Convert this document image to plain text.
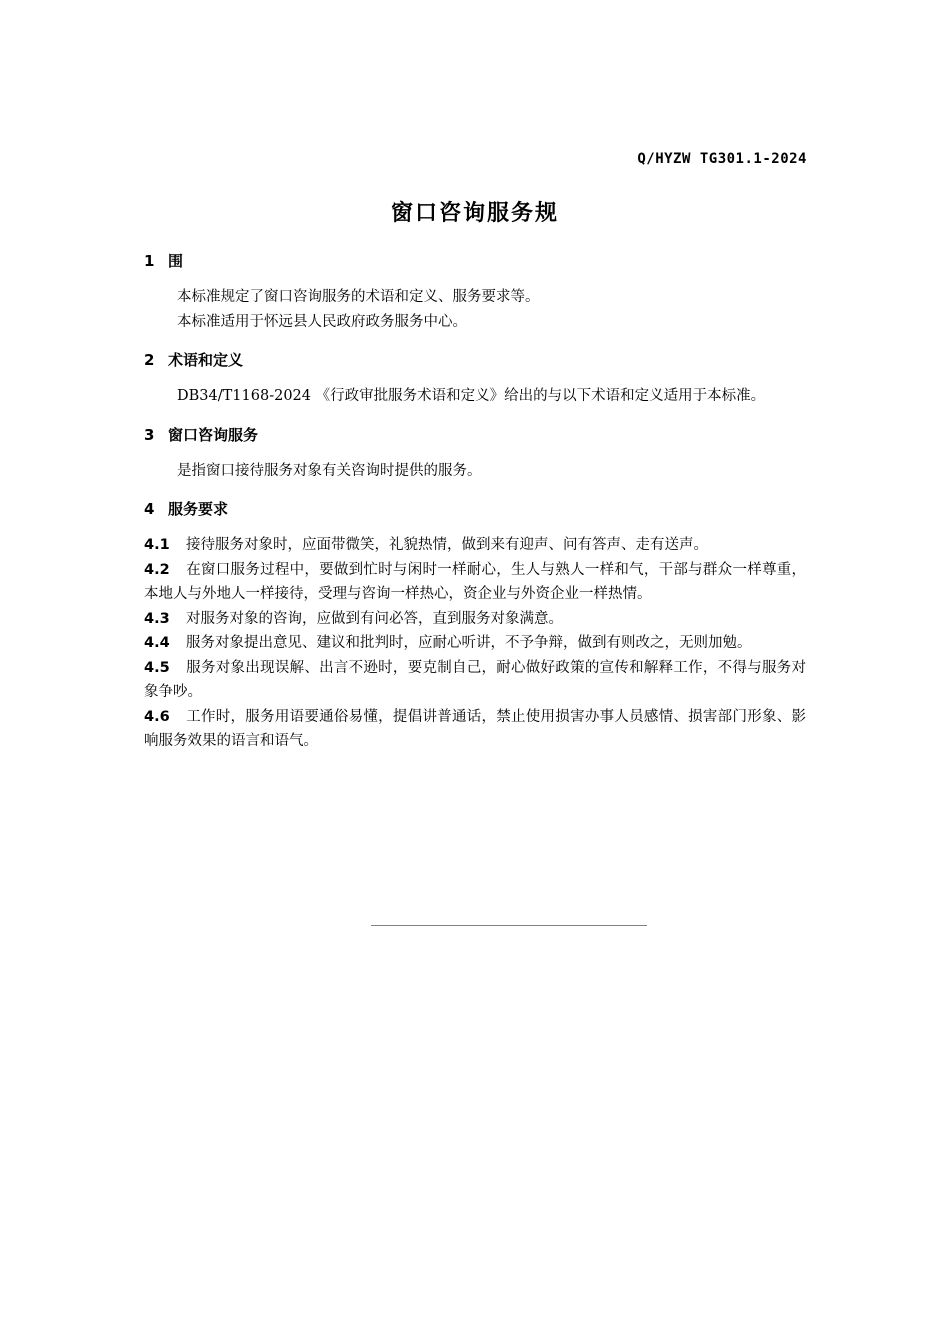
Q/HYZW TG301.1-2024
窗口咨询服务规

1 围

本标准规定了窗口咨询服务的术语和定义、服务要求等。

本标准适用于怀远县人民政府政务服务中心。

2 术语和定义

DB34/T1168-2024 《行政审批服务术语和定义》给出的与以下术语和定义适用于本标准。

3 窗口咨询服务

是指窗口接待服务对象有关咨询时提供的服务。

4 服务要求

4.1 接待服务对象时，应面带微笑，礼貌热情，做到来有迎声、问有答声、走有送声。

4.2 在窗口服务过程中，要做到忙时与闲时一样耐心，生人与熟人一样和气，干部与群众一样尊重，本地人与外地人一样接待，受理与咨询一样热心，资企业与外资企业一样热情。

4.3 对服务对象的咨询，应做到有问必答，直到服务对象满意。

4.4 服务对象提出意见、建议和批判时，应耐心听讲，不予争辩，做到有则改之，无则加勉。

4.5 服务对象出现误解、出言不逊时，要克制自己，耐心做好政策的宣传和解释工作，不得与服务对象争吵。

4.6 工作时，服务用语要通俗易懂，提倡讲普通话，禁止使用损害办事人员感情、损害部门形象、影响服务效果的语言和语气。
